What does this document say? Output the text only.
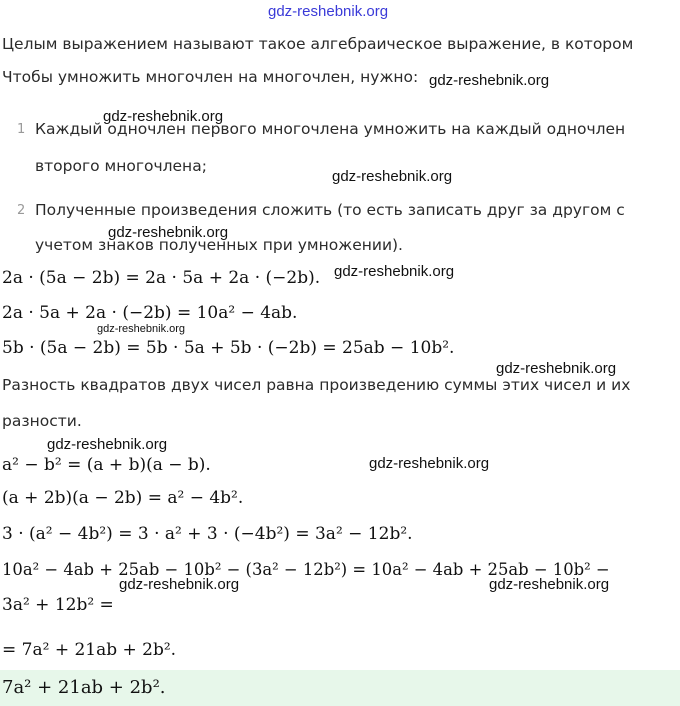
gdz-reshebnik.org
Целым выражением называют такое алгебраическое выражение, в котором
Чтобы умножить многочлен на многочлен, нужно:
1 Каждый одночлен первого многочлена умножить на каждый одночлен
второго многочлена;
2 Полученные произведения сложить (то есть записать друг за другом с
учетом знаков полученных при умножении).
2a · (5a − 2b) = 2a · 5a + 2a · (−2b).
2a · 5a + 2a · (−2b) = 10a² − 4ab.
5b · (5a − 2b) = 5b · 5a + 5b · (−2b) = 25ab − 10b².
Разность квадратов двух чисел равна произведению суммы этих чисел и их
разности.
a² − b² = (a + b)(a − b).
(a + 2b)(a − 2b) = a² − 4b².
3 · (a² − 4b²) = 3 · a² + 3 · (−4b²) = 3a² − 12b².
10a² − 4ab + 25ab − 10b² − (3a² − 12b²) = 10a² − 4ab + 25ab − 10b² −
3a² + 12b² =
= 7a² + 21ab + 2b².
7a² + 21ab + 2b².
gdz-reshebnik.org
gdz-reshebnik.org
gdz-reshebnik.org
gdz-reshebnik.org
gdz-reshebnik.org
gdz-reshebnik.org
gdz-reshebnik.org
gdz-reshebnik.org
gdz-reshebnik.org
gdz-reshebnik.org	gdz-reshebnik.org
